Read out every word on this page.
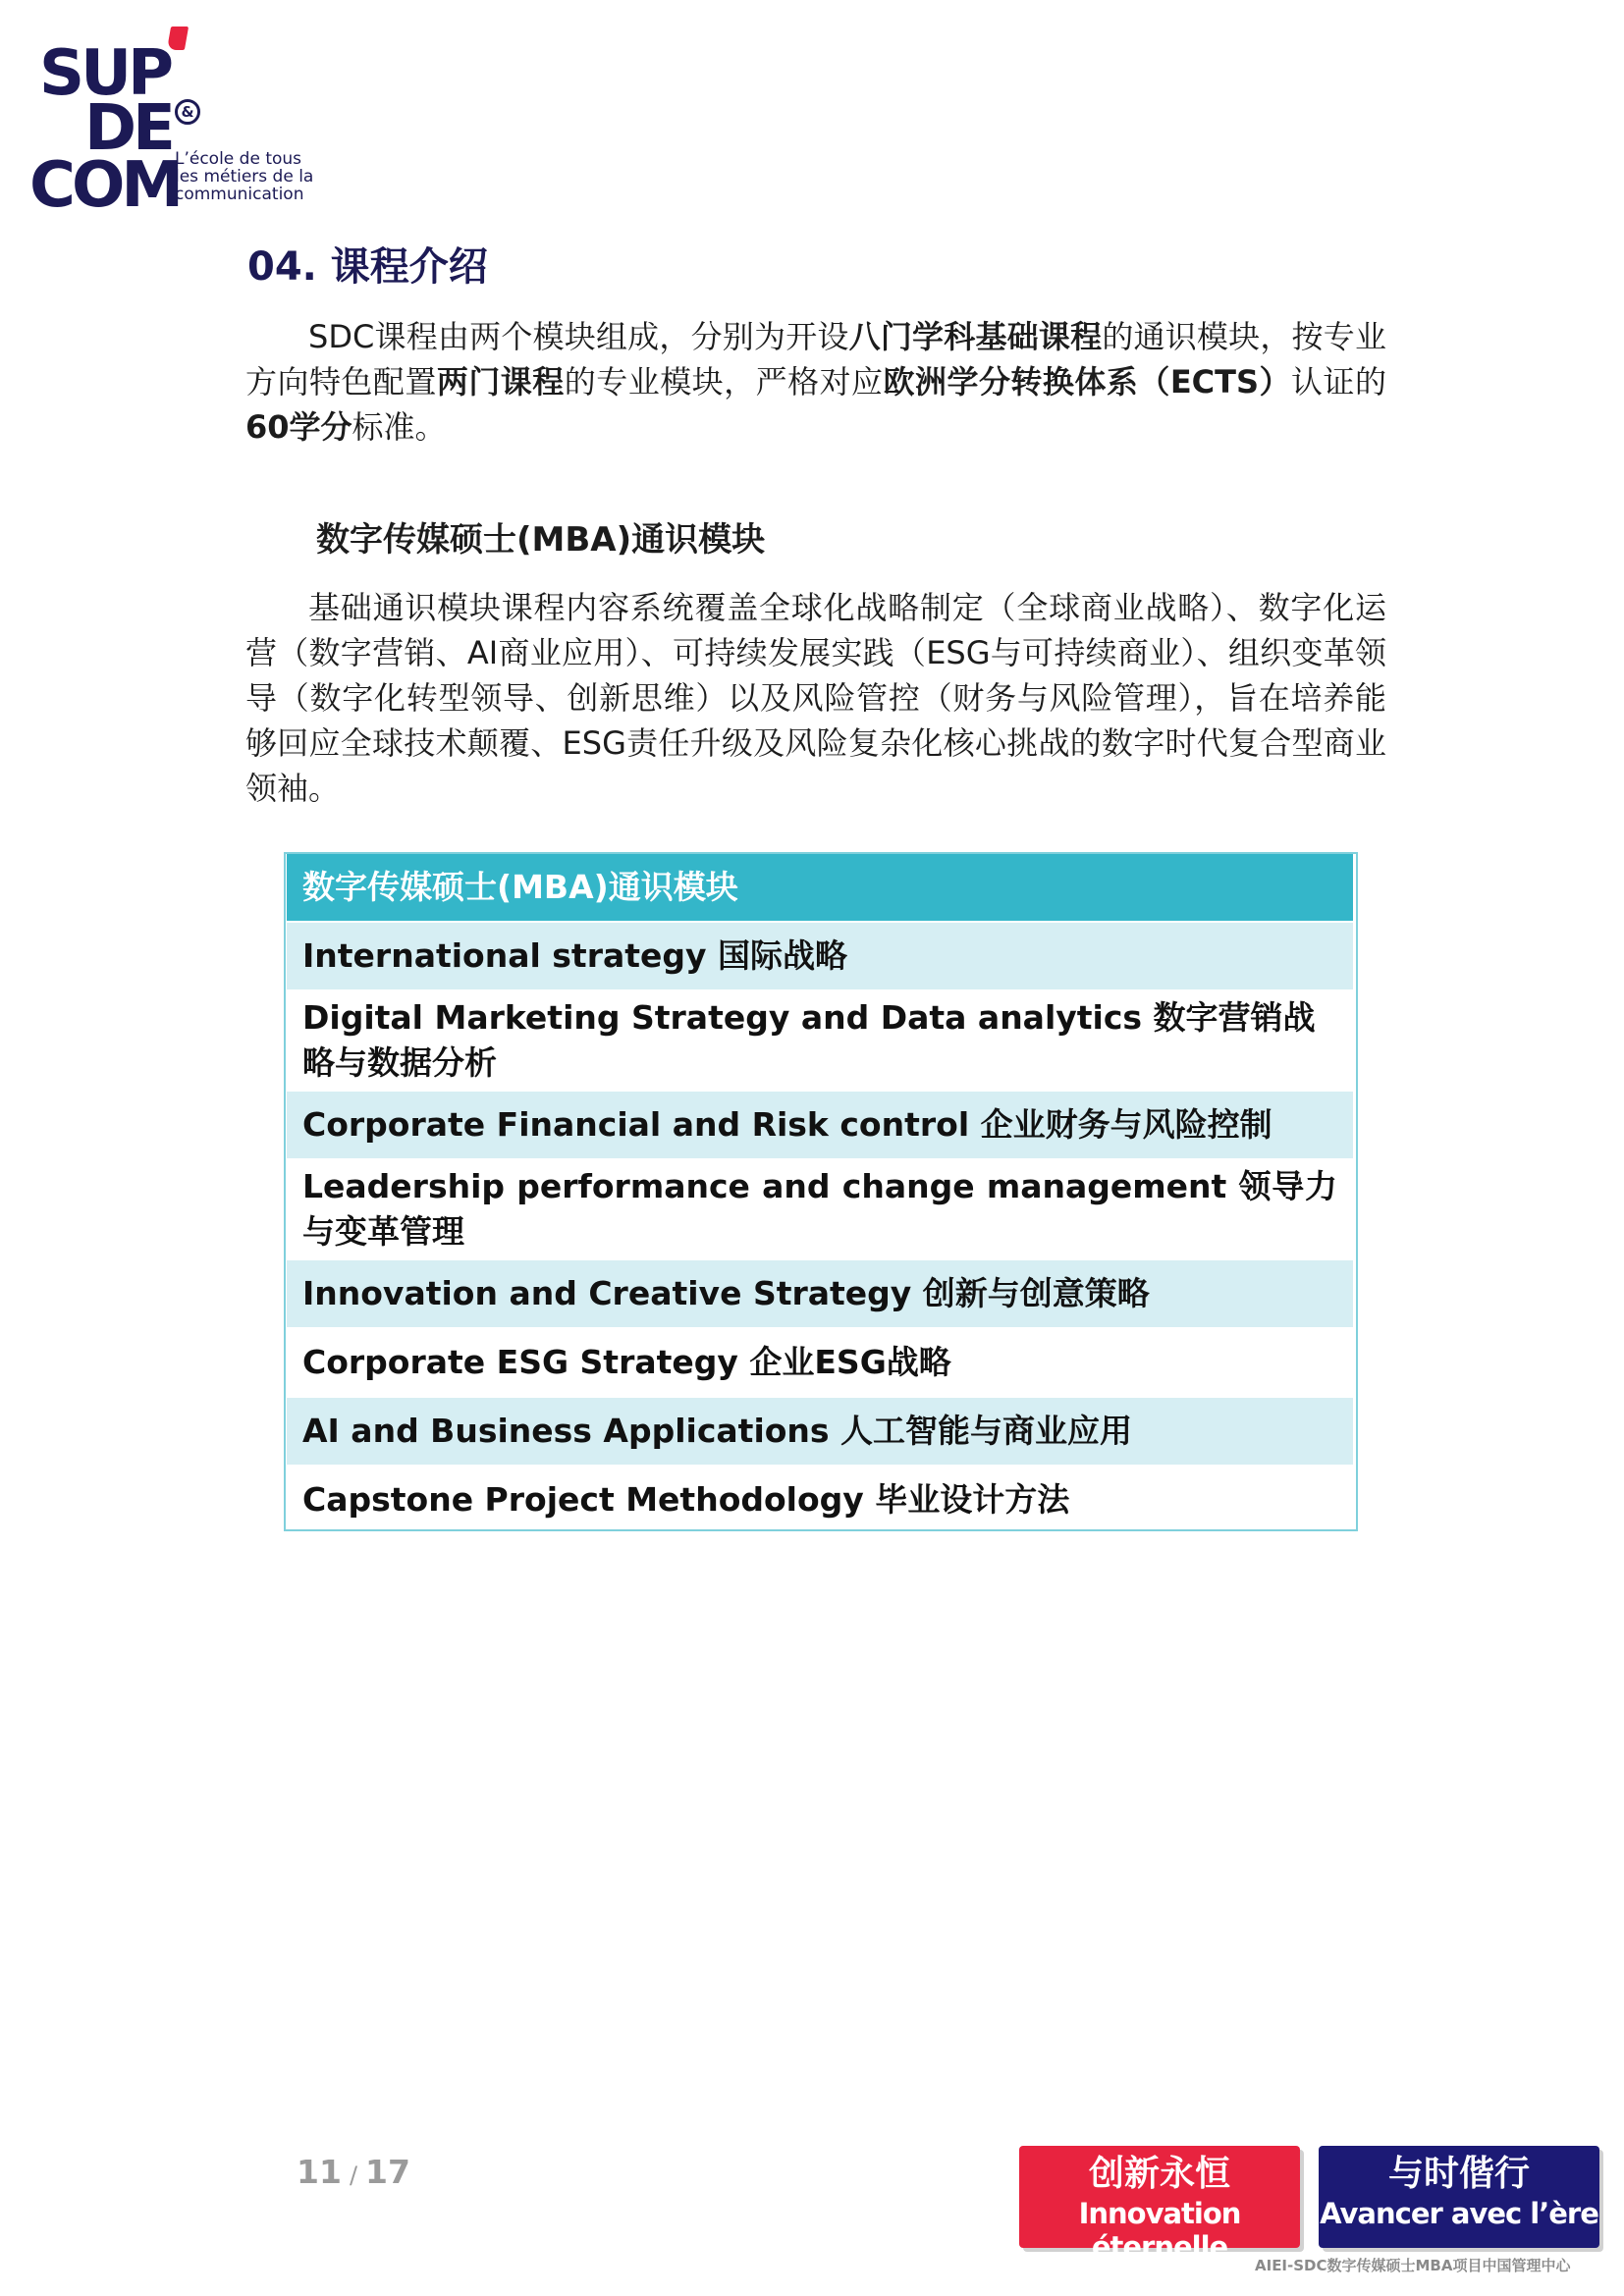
SUP
DE &
COM
L’école de tous
les métiers de la
communication
04. 课程介绍

SDC课程由两个模块组成，分别为开设八门学科基础课程的通识模块，按专业方向特色配置两门课程的专业模块，严格对应欧洲学分转换体系（ECTS）认证的60学分标准。

数字传媒硕士(MBA)通识模块

基础通识模块课程内容系统覆盖全球化战略制定（全球商业战略）、数字化运营（数字营销、AI商业应用）、可持续发展实践（ESG与可持续商业）、组织变革领导（数字化转型领导、创新思维）以及风险管控（财务与风险管理），旨在培养能够回应全球技术颠覆、ESG责任升级及风险复杂化核心挑战的数字时代复合型商业领袖。

数字传媒硕士(MBA)通识模块
International strategy 国际战略
Digital Marketing Strategy and Data analytics 数字营销战略与数据分析
Corporate Financial and Risk control 企业财务与风险控制
Leadership performance and change management 领导力与变革管理
Innovation and Creative Strategy 创新与创意策略
Corporate ESG Strategy 企业ESG战略
AI and Business Applications 人工智能与商业应用
Capstone Project Methodology 毕业设计方法
11 / 17	创新永恒
Innovation éternelle
与时偕行
Avancer avec l’ère
AIEI-SDC数字传媒硕士MBA项目中国管理中心
